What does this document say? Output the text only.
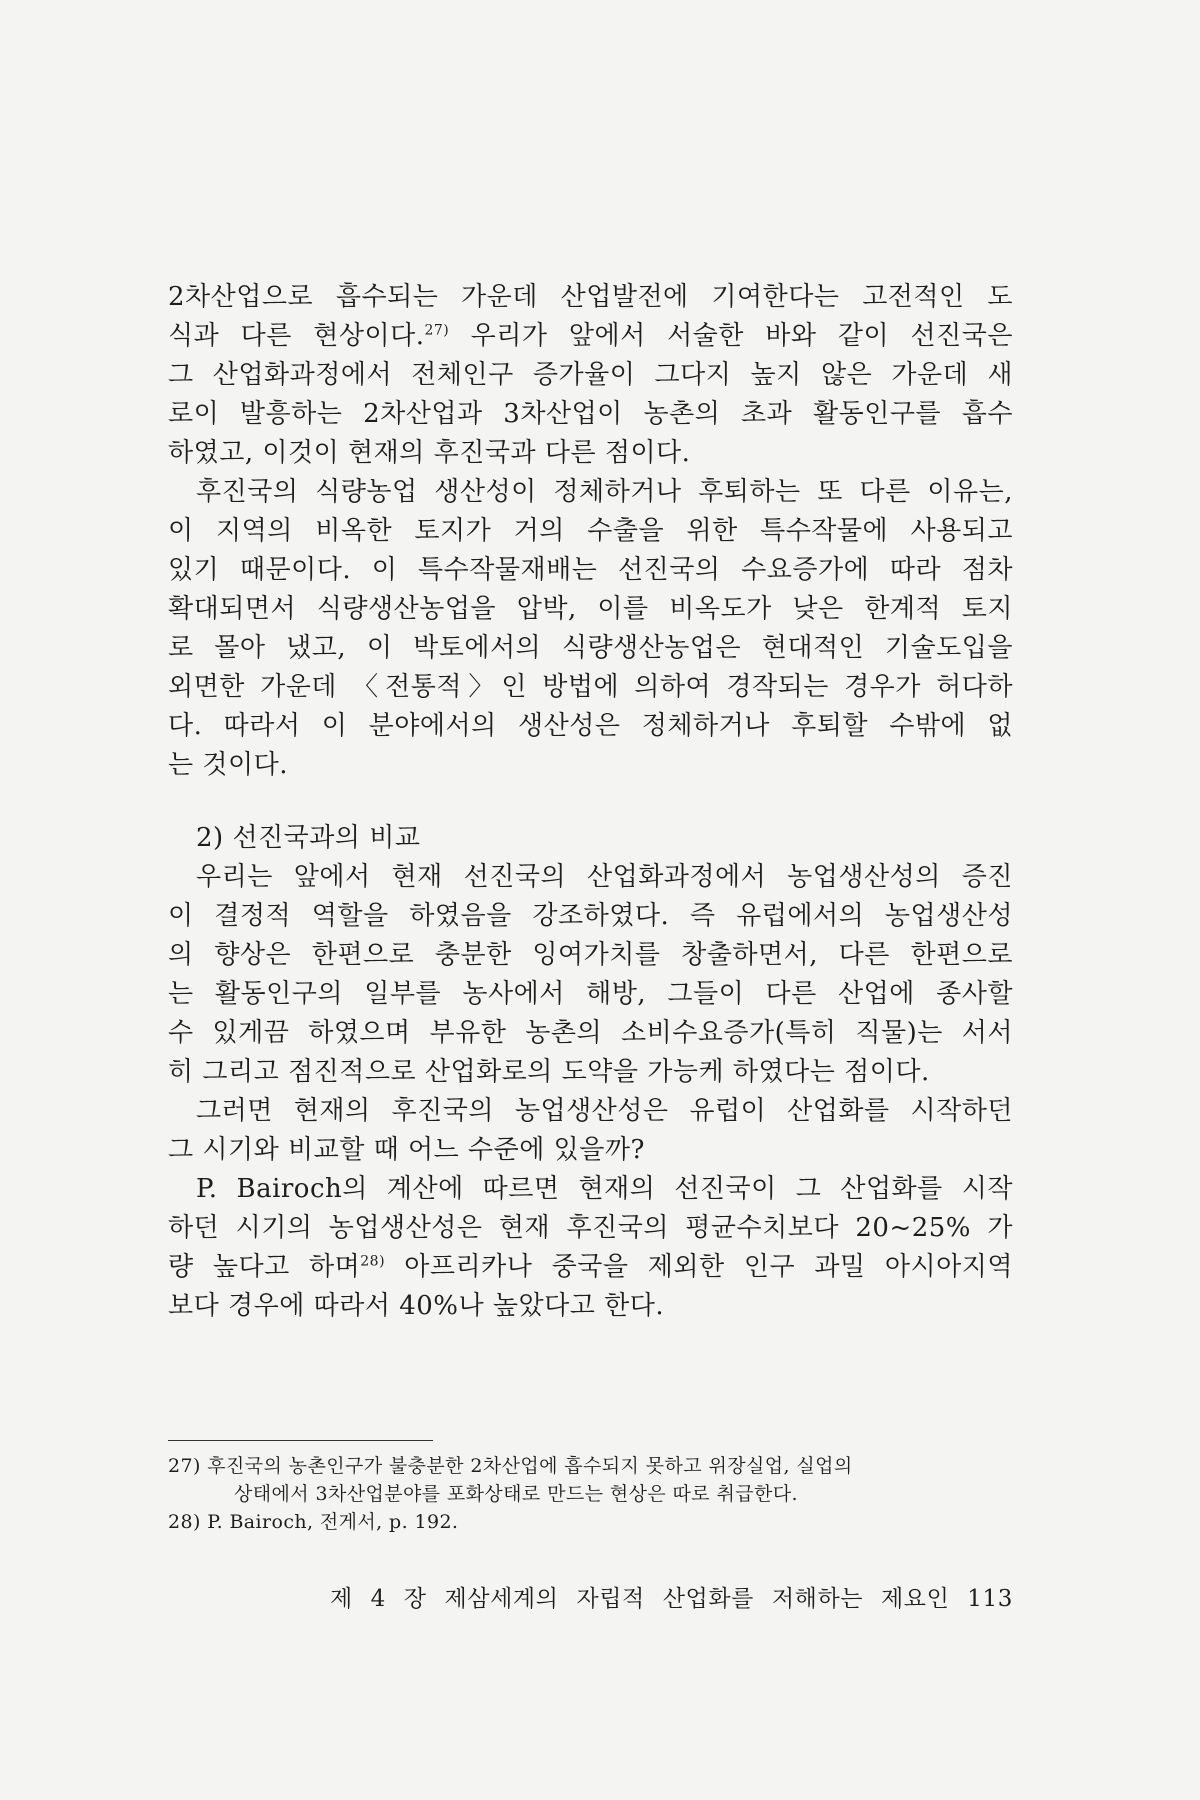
2차산업으로 흡수되는 가운데 산업발전에 기여한다는 고전적인 도
식과 다른 현상이다.$^{27)}$ 우리가 앞에서 서술한 바와 같이 선진국은
그 산업화과정에서 전체인구 증가율이 그다지 높지 않은 가운데 새
로이 발흥하는 2차산업과 3차산업이 농촌의 초과 활동인구를 흡수
하였고, 이것이 현재의 후진국과 다른 점이다.
후진국의 식량농업 생산성이 정체하거나 후퇴하는 또 다른 이유는,
이 지역의 비옥한 토지가 거의 수출을 위한 특수작물에 사용되고
있기 때문이다. 이 특수작물재배는 선진국의 수요증가에 따라 점차
확대되면서 식량생산농업을 압박, 이를 비옥도가 낮은 한계적 토지
로 몰아 냈고, 이 박토에서의 식량생산농업은 현대적인 기술도입을
외면한 가운데 〈전통적〉인 방법에 의하여 경작되는 경우가 허다하
다. 따라서 이 분야에서의 생산성은 정체하거나 후퇴할 수밖에 없
는 것이다.
2) 선진국과의 비교
우리는 앞에서 현재 선진국의 산업화과정에서 농업생산성의 증진
이 결정적 역할을 하였음을 강조하였다. 즉 유럽에서의 농업생산성
의 향상은 한편으로 충분한 잉여가치를 창출하면서, 다른 한편으로
는 활동인구의 일부를 농사에서 해방, 그들이 다른 산업에 종사할
수 있게끔 하였으며 부유한 농촌의 소비수요증가(특히 직물)는 서서
히 그리고 점진적으로 산업화로의 도약을 가능케 하였다는 점이다.
그러면 현재의 후진국의 농업생산성은 유럽이 산업화를 시작하던
그 시기와 비교할 때 어느 수준에 있을까?
P. Bairoch의 계산에 따르면 현재의 선진국이 그 산업화를 시작
하던 시기의 농업생산성은 현재 후진국의 평균수치보다 20~25% 가
량 높다고 하며$^{28)}$ 아프리카나 중국을 제외한 인구 과밀 아시아지역
보다 경우에 따라서 40%나 높았다고 한다.
27) 후진국의 농촌인구가 불충분한 2차산업에 흡수되지 못하고 위장실업, 실업의
상태에서 3차산업분야를 포화상태로 만드는 현상은 따로 취급한다.
28) P. Bairoch, 전게서, p. 192.
제 4 장 제삼세계의 자립적 산업화를 저해하는 제요인 113
